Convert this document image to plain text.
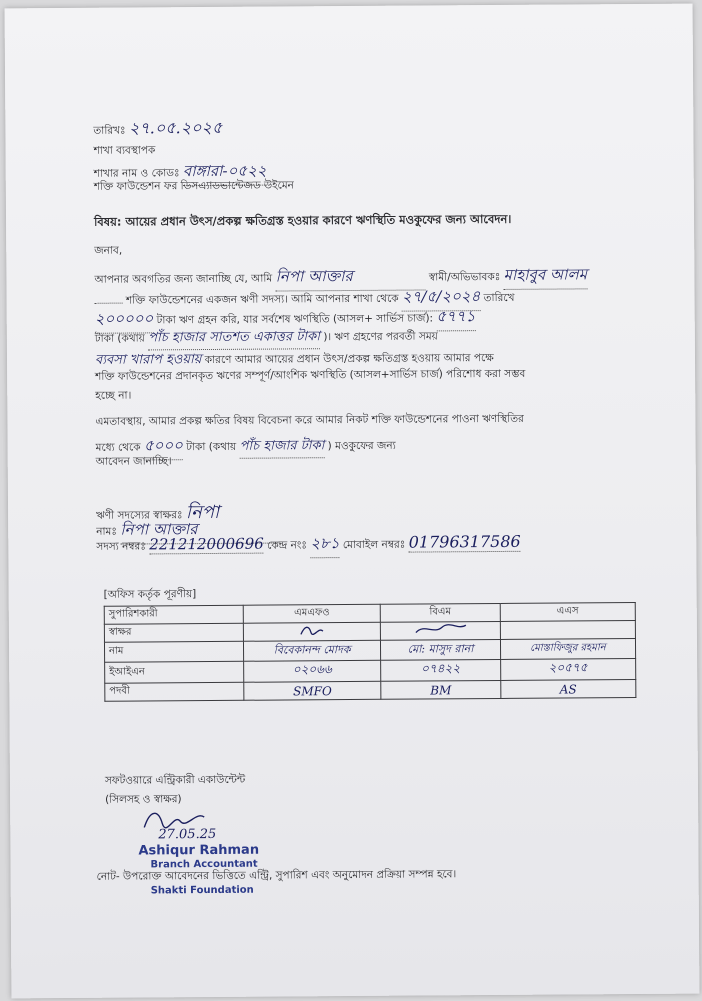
তারিখঃ ২৭.০৫.২০২৫
শাখা ব্যবস্থাপক
শাখার নাম ও কোডঃ বাঙ্গারা-০৫২২
শক্তি ফাউন্ডেশন ফর ডিসএ্যাডভান্টেজড উইমেন
বিষয়: আয়ের প্রধান উৎস/প্রকল্প ক্ষতিগ্রস্ত হওয়ার কারণে ঋণস্থিতি মওকুফের জন্য আবেদন।
জনাব,
আপনার অবগতির জন্য জানাচ্ছি যে, আমি নিপা আক্তার	স্বামী/অভিভাবকঃ মাহাবুব আলম
শক্তি ফাউন্ডেশনের একজন ঋণী সদস্য। আমি আপনার শাখা থেকে ২৭/৫/২০২৪ তারিখে
২০০০০০ টাকা ঋণ গ্রহন করি, যার সর্বশেষ ঋণস্থিতি (আসল+ সার্ভিস চার্জ): ৫৭৭১
টাকা (কথায় পাঁচ হাজার সাতশত একাত্তর টাকা )। ঋণ গ্রহণের পরবর্তী সময়
ব্যবসা খারাপ হওয়ায় কারণে আমার আয়ের প্রধান উৎস/প্রকল্প ক্ষতিগ্রস্ত হওয়ায় আমার পক্ষে
শক্তি ফাউন্ডেশনের প্রদানকৃত ঋণের সম্পূর্ণ/আংশিক ঋণস্থিতি (আসল+সার্ভিস চার্জ) পরিশোধ করা সম্ভব
হচ্ছে না।
এমতাবস্থায়, আমার প্রকল্প ক্ষতির বিষয় বিবেচনা করে আমার নিকট শক্তি ফাউন্ডেশনের পাওনা ঋণস্থিতির
মধ্যে থেকে ৫০০০ টাকা (কথায় পাঁচ হাজার টাকা ) মওকুফের জন্য
আবেদন জানাচ্ছি।
ঋণী সদস্যের স্বাক্ষরঃ নিপা
নামঃ নিপা আক্তার
সদস্য নম্বরঃ 221212000696 কেন্দ্র নংঃ ২৮১ মোবাইল নম্বরঃ 01796317586
[অফিস কর্তৃক পূরণীয়]
সুপারিশকারী	এমএফও	বিএম	এএস
স্বাক্ষর			
নাম	বিবেকানন্দ মোদক	মো: মাসুদ রানা	মোস্তাফিজুর রহমান
ইআইএন	০২০৬৬	০৭৪২২	২০৫৭৫
পদবী	SMFO	BM	AS
সফটওয়ারে এন্ট্রিকারী একাউন্টেন্ট
(সিলসহ ও স্বাক্ষর)
27.05.25
Ashiqur Rahman
Branch Accountant
নোট- উপরোক্ত আবেদনের ভিত্তিতে এন্ট্রি, সুপারিশ এবং অনুমোদন প্রক্রিয়া সম্পন্ন হবে।
Shakti Foundation
